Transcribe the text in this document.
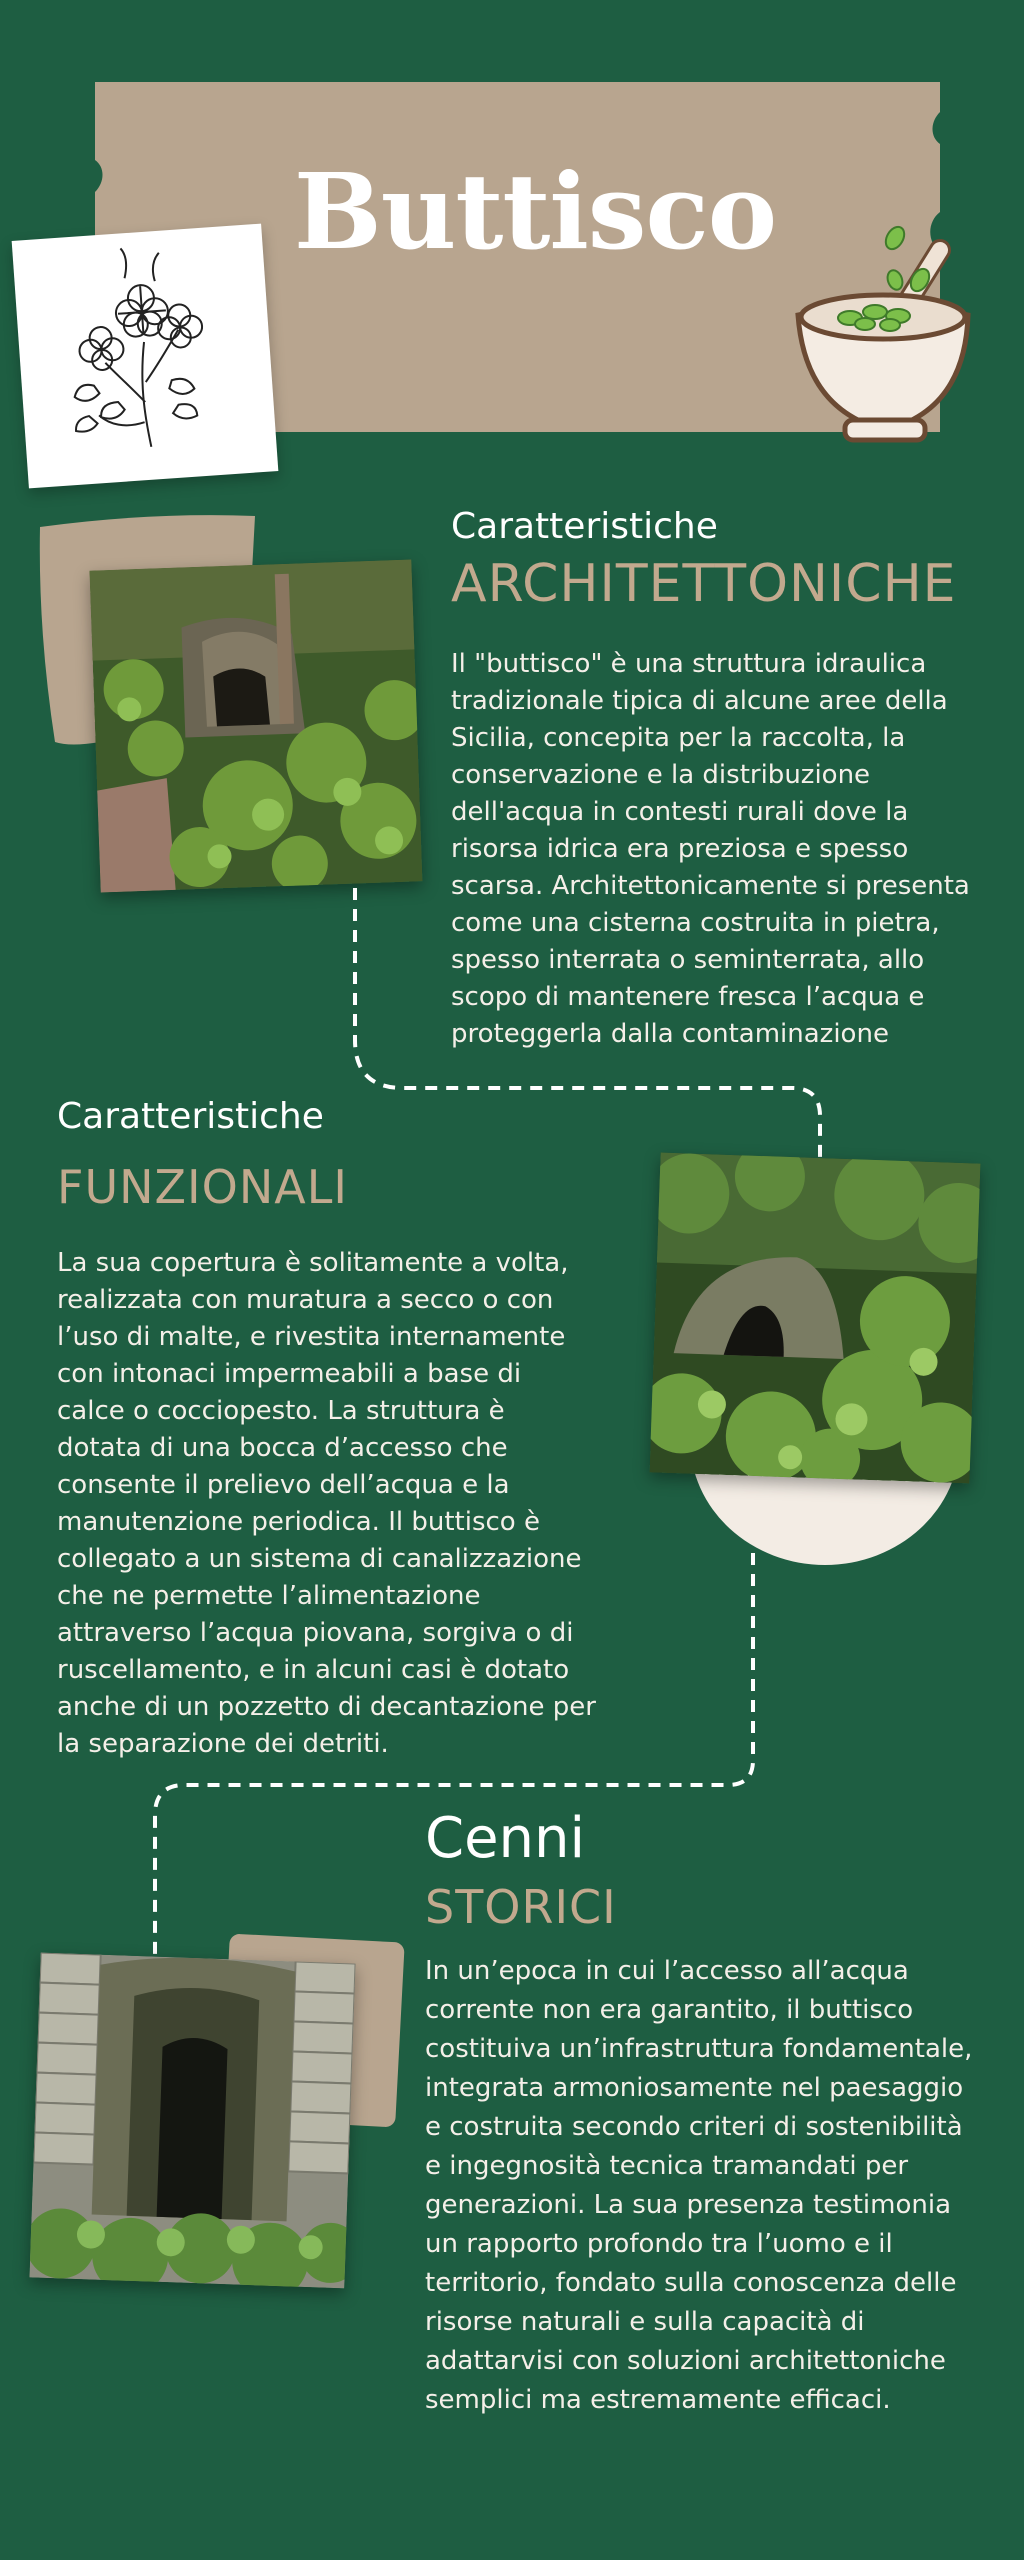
Buttisco
Caratteristiche
ARCHITETTONICHE
Il "buttisco" è una struttura idraulica tradizionale tipica di alcune aree della Sicilia, concepita per la raccolta, la conservazione e la distribuzione dell'acqua in contesti rurali dove la risorsa idrica era preziosa e spesso scarsa. Architettonicamente si presenta come una cisterna costruita in pietra, spesso interrata o seminterrata, allo scopo di mantenere fresca l’acqua e proteggerla dalla contaminazione
Caratteristiche
FUNZIONALI
La sua copertura è solitamente a volta, realizzata con muratura a secco o con l’uso di malte, e rivestita internamente con intonaci impermeabili a base di calce o cocciopesto. La struttura è dotata di una bocca d’accesso che consente il prelievo dell’acqua e la manutenzione periodica. Il buttisco è collegato a un sistema di canalizzazione che ne permette l’alimentazione attraverso l’acqua piovana, sorgiva o di ruscellamento, e in alcuni casi è dotato anche di un pozzetto di decantazione per la separazione dei detriti.
Cenni
STORICI
In un’epoca in cui l’accesso all’acqua corrente non era garantito, il buttisco costituiva un’infrastruttura fondamentale, integrata armoniosamente nel paesaggio e costruita secondo criteri di sostenibilità e ingegnosità tecnica tramandati per generazioni. La sua presenza testimonia un rapporto profondo tra l’uomo e il territorio, fondato sulla conoscenza delle risorse naturali e sulla capacità di adattarvisi con soluzioni architettoniche semplici ma estremamente efficaci.
